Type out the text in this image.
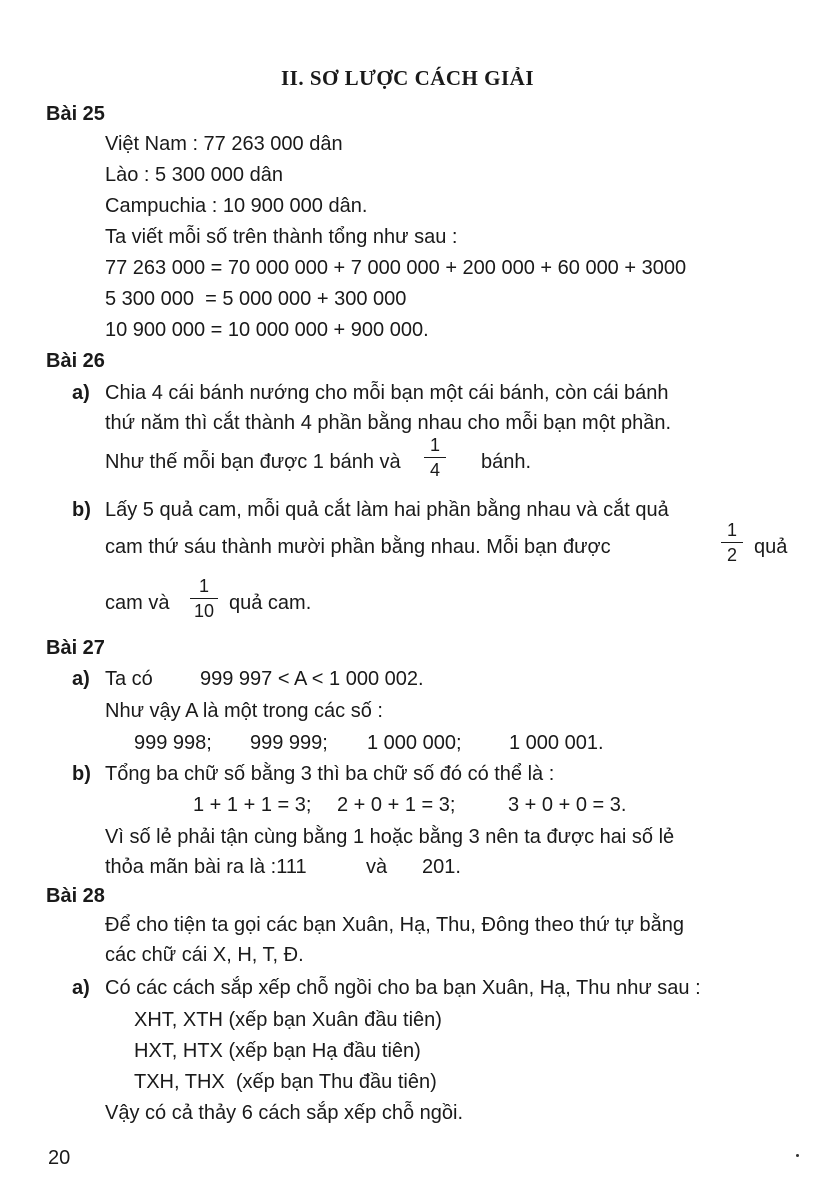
II. SƠ LƯỢC CÁCH GIẢI
Bài 25
Việt Nam : 77 263 000 dân
Lào : 5 300 000 dân
Campuchia : 10 900 000 dân.
Ta viết mỗi số trên thành tổng như sau :
77 263 000 = 70 000 000 + 7 000 000 + 200 000 + 60 000 + 3000
5 300 000  = 5 000 000 + 300 000
10 900 000 = 10 000 000 + 900 000.
Bài 26
a) Chia 4 cái bánh nướng cho mỗi bạn một cái bánh, còn cái bánh
thứ năm thì cắt thành 4 phần bằng nhau cho mỗi bạn một phần.
Như thế mỗi bạn được 1 bánh và
1
4	bánh.
b) Lấy 5 quả cam, mỗi quả cắt làm hai phần bằng nhau và cắt quả
cam thứ sáu thành mười phần bằng nhau. Mỗi bạn được
1
2 quả
cam và
1
10 quả cam.
Bài 27
a) Ta có 999 997 < A < 1 000 002.
Như vậy A là một trong các số :
999 998; 999 999; 1 000 000; 1 000 001.
b) Tổng ba chữ số bằng 3 thì ba chữ số đó có thể là :
1 + 1 + 1 = 3; 2 + 0 + 1 = 3;	3 + 0 + 0 = 3.
Vì số lẻ phải tận cùng bằng 1 hoặc bằng 3 nên ta được hai số lẻ
thỏa mãn bài ra là :111	và 201.
Bài 28
Để cho tiện ta gọi các bạn Xuân, Hạ, Thu, Đông theo thứ tự bằng
các chữ cái X, H, T, Đ.
a) Có các cách sắp xếp chỗ ngồi cho ba bạn Xuân, Hạ, Thu như sau :
XHT, XTH (xếp bạn Xuân đầu tiên)
HXT, HTX (xếp bạn Hạ đầu tiên)
TXH, THX  (xếp bạn Thu đầu tiên)
Vậy có cả thảy 6 cách sắp xếp chỗ ngồi.
20
